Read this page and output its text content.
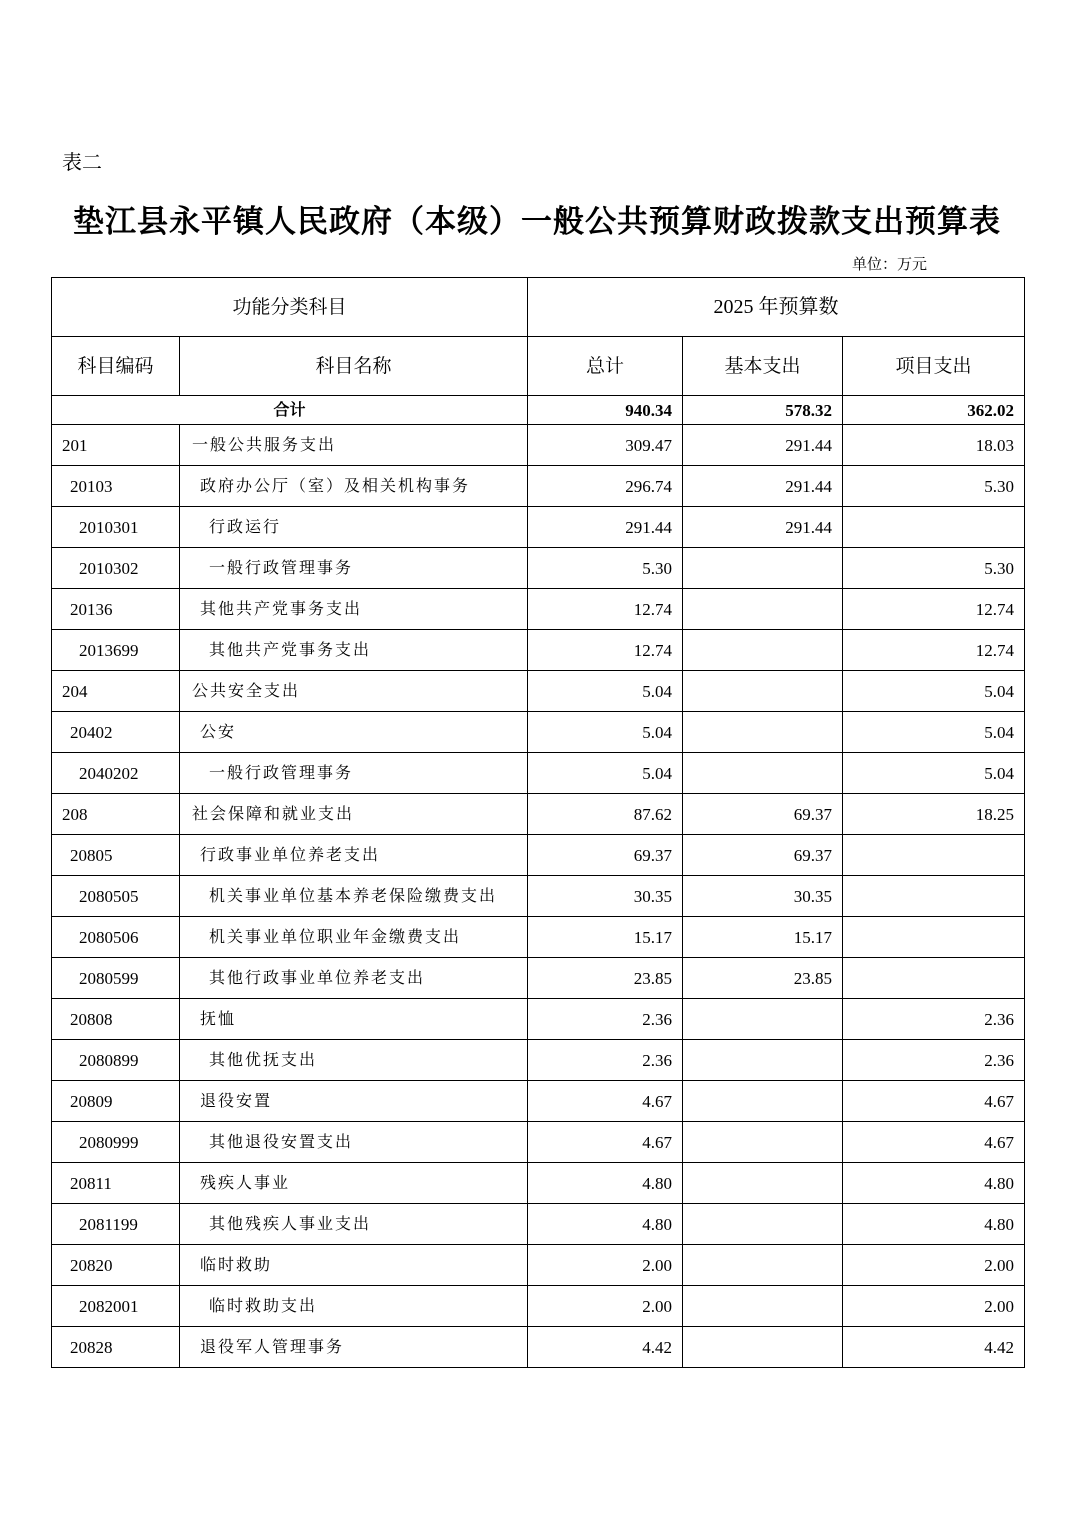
表二
垫江县永平镇人民政府（本级）一般公共预算财政拨款支出预算表
单位：万元
功能分类科目		2025 年预算数		
科目编码	科目名称	总计	基本支出	项目支出
合计		940.34	578.32	362.02
201	一般公共服务支出	309.47	291.44	18.03
20103	政府办公厅（室）及相关机构事务	296.74	291.44	5.30
2010301	行政运行	291.44	291.44	
2010302	一般行政管理事务	5.30		5.30
20136	其他共产党事务支出	12.74		12.74
2013699	其他共产党事务支出	12.74		12.74
204	公共安全支出	5.04		5.04
20402	公安	5.04		5.04
2040202	一般行政管理事务	5.04		5.04
208	社会保障和就业支出	87.62	69.37	18.25
20805	行政事业单位养老支出	69.37	69.37	
2080505	机关事业单位基本养老保险缴费支出	30.35	30.35	
2080506	机关事业单位职业年金缴费支出	15.17	15.17	
2080599	其他行政事业单位养老支出	23.85	23.85	
20808	抚恤	2.36		2.36
2080899	其他优抚支出	2.36		2.36
20809	退役安置	4.67		4.67
2080999	其他退役安置支出	4.67		4.67
20811	残疾人事业	4.80		4.80
2081199	其他残疾人事业支出	4.80		4.80
20820	临时救助	2.00		2.00
2082001	临时救助支出	2.00		2.00
20828	退役军人管理事务	4.42		4.42
